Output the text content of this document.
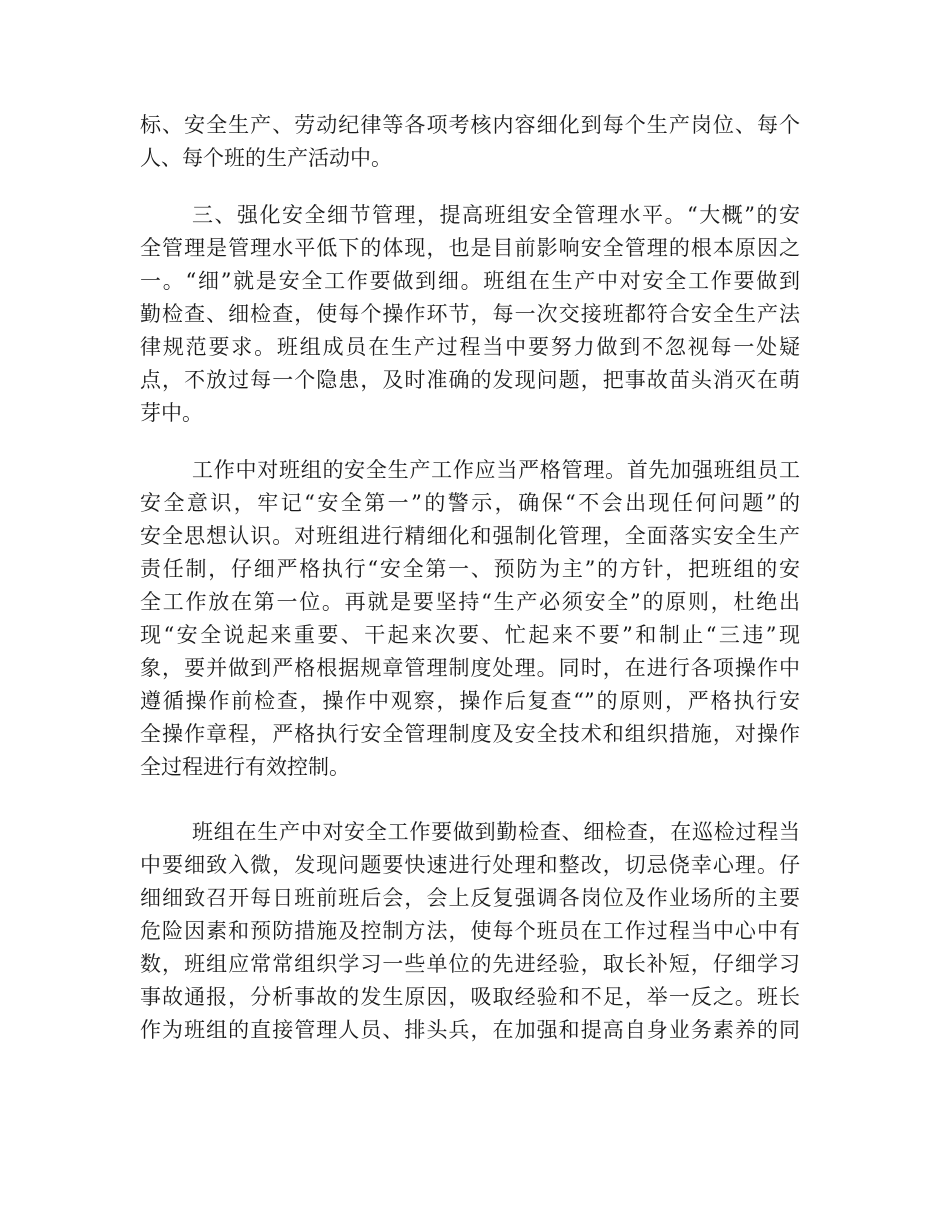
标、安全生产、劳动纪律等各项考核内容细化到每个生产岗位、每个
人、每个班的生产活动中。
三、强化安全细节管理，提高班组安全管理水平。“大概”的安
全管理是管理水平低下的体现，也是目前影响安全管理的根本原因之
一。“细”就是安全工作要做到细。班组在生产中对安全工作要做到
勤检查、细检查，使每个操作环节，每一次交接班都符合安全生产法
律规范要求。班组成员在生产过程当中要努力做到不忽视每一处疑
点，不放过每一个隐患，及时准确的发现问题，把事故苗头消灭在萌
芽中。
工作中对班组的安全生产工作应当严格管理。首先加强班组员工
安全意识，牢记“安全第一”的警示，确保“不会出现任何问题”的
安全思想认识。对班组进行精细化和强制化管理，全面落实安全生产
责任制，仔细严格执行“安全第一、预防为主”的方针，把班组的安
全工作放在第一位。再就是要坚持“生产必须安全”的原则，杜绝出
现“安全说起来重要、干起来次要、忙起来不要”和制止“三违”现
象，要并做到严格根据规章管理制度处理。同时，在进行各项操作中
遵循操作前检查，操作中观察，操作后复查“”的原则，严格执行安
全操作章程，严格执行安全管理制度及安全技术和组织措施，对操作
全过程进行有效控制。
班组在生产中对安全工作要做到勤检查、细检查，在巡检过程当
中要细致入微，发现问题要快速进行处理和整改，切忌侥幸心理。仔
细细致召开每日班前班后会，会上反复强调各岗位及作业场所的主要
危险因素和预防措施及控制方法，使每个班员在工作过程当中心中有
数，班组应常常组织学习一些单位的先进经验，取长补短，仔细学习
事故通报，分析事故的发生原因，吸取经验和不足，举一反之。班长
作为班组的直接管理人员、排头兵，在加强和提高自身业务素养的同
